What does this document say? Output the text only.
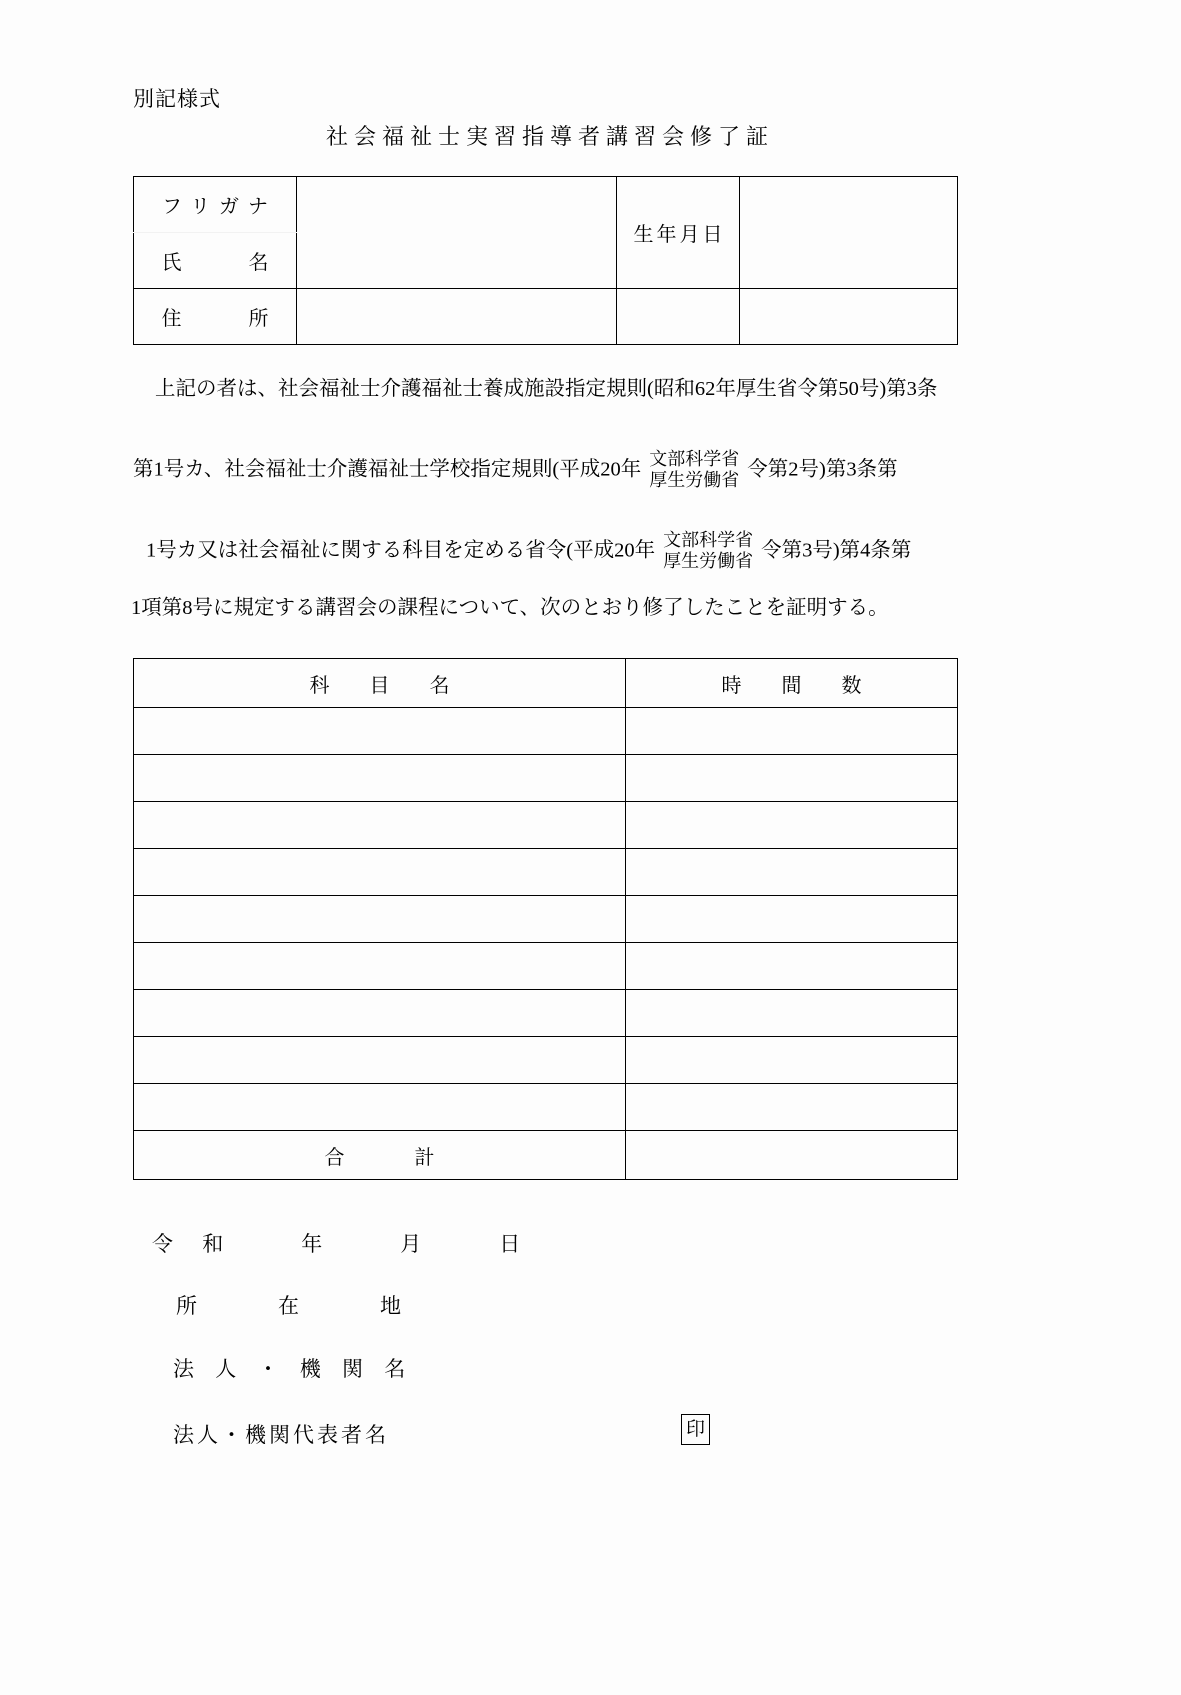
別記様式
社会福祉士実習指導者講習会修了証
フリガナ		生年月日	
氏　　名			
住　　所			
上記の者は、社会福祉士介護福祉士養成施設指定規則(昭和62年厚生省令第50号)第3条
第1号カ、社会福祉士介護福祉士学校指定規則(平成20年 文部科学省
厚生労働省 令第2号)第3条第
1号カ又は社会福祉に関する科目を定める省令(平成20年 文部科学省
厚生労働省 令第3号)第4条第
1項第8号に規定する講習会の課程について、次のとおり修了したことを証明する。
科　目　名	時　間　数

合　　計	
令 和　　年　　月　　日
所　在　地
法 人 ・ 機 関 名
法人・機関代表者名	印
